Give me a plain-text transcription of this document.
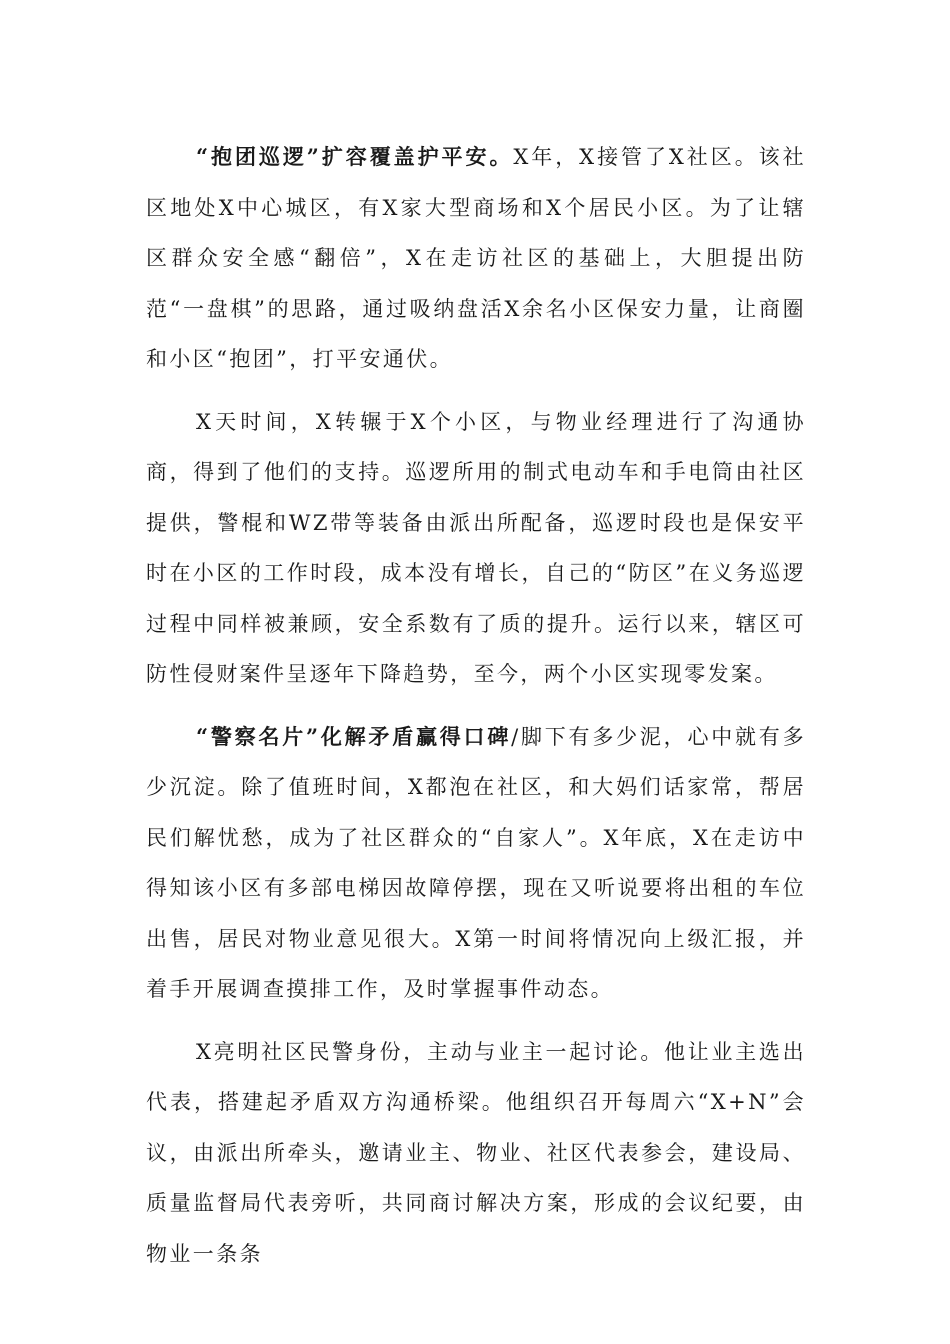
“抱团巡逻”扩容覆盖护平安。X年，X接管了X社区。该社区地处X中心城区，有X家大型商场和X个居民小区。为了让辖区群众安全感“翻倍”，X在走访社区的基础上，大胆提出防范“一盘棋”的思路，通过吸纳盘活X余名小区保安力量，让商圈和小区“抱团”，打平安通伏。

X天时间，X转辗于X个小区，与物业经理进行了沟通协商，得到了他们的支持。巡逻所用的制式电动车和手电筒由社区提供，警棍和WZ带等装备由派出所配备，巡逻时段也是保安平时在小区的工作时段，成本没有增长，自己的“防区”在义务巡逻过程中同样被兼顾，安全系数有了质的提升。运行以来，辖区可防性侵财案件呈逐年下降趋势，至今，两个小区实现零发案。

“警察名片”化解矛盾赢得口碑/脚下有多少泥，心中就有多少沉淀。除了值班时间，X都泡在社区，和大妈们话家常，帮居民们解忧愁，成为了社区群众的“自家人”。X年底，X在走访中得知该小区有多部电梯因故障停摆，现在又听说要将出租的车位出售，居民对物业意见很大。X第一时间将情况向上级汇报，并着手开展调查摸排工作，及时掌握事件动态。

X亮明社区民警身份，主动与业主一起讨论。他让业主选出代表，搭建起矛盾双方沟通桥梁。他组织召开每周六“X+N”会议，由派出所牵头，邀请业主、物业、社区代表参会，建设局、质量监督局代表旁听，共同商讨解决方案，形成的会议纪要，由物业一条条
